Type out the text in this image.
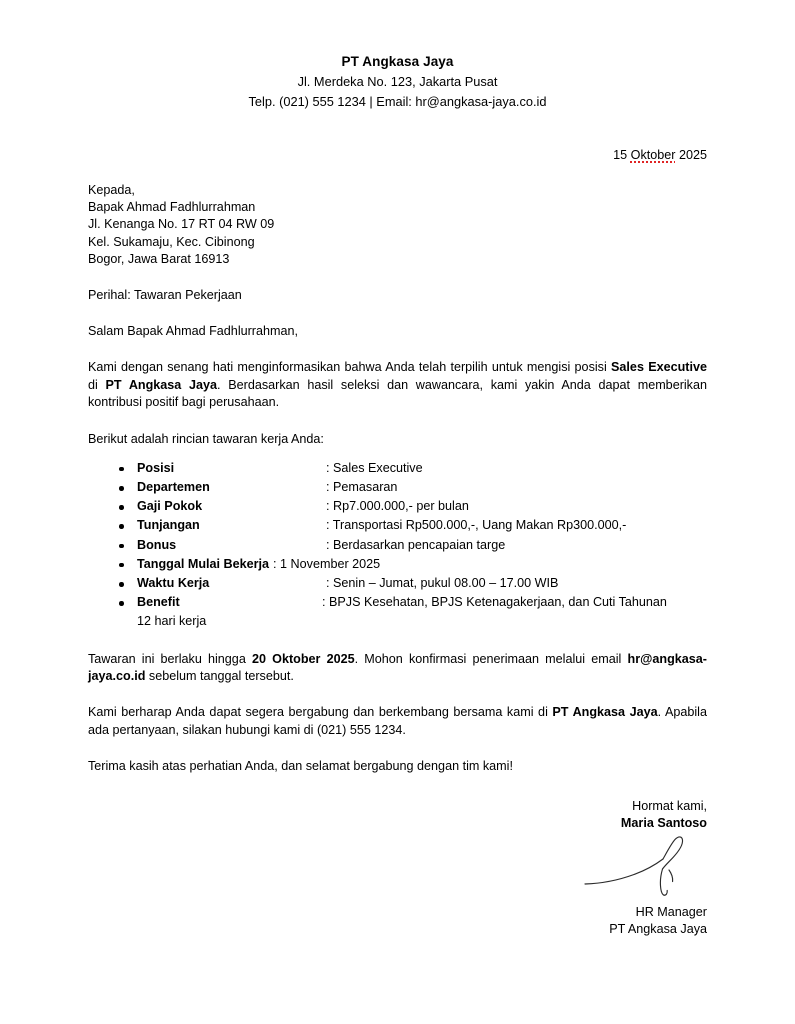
PT Angkasa Jaya
Jl. Merdeka No. 123, Jakarta Pusat
Telp. (021) 555 1234 | Email: hr@angkasa-jaya.co.id
15 Oktober 2025
Kepada,
Bapak Ahmad Fadhlurrahman
Jl. Kenanga No. 17 RT 04 RW 09
Kel. Sukamaju, Kec. Cibinong
Bogor, Jawa Barat 16913
Perihal: Tawaran Pekerjaan
Salam Bapak Ahmad Fadhlurrahman,
Kami dengan senang hati menginformasikan bahwa Anda telah terpilih untuk mengisi posisi Sales Executive di PT Angkasa Jaya. Berdasarkan hasil seleksi dan wawancara, kami yakin Anda dapat memberikan kontribusi positif bagi perusahaan.
Berikut adalah rincian tawaran kerja Anda:
Posisi	: Sales Executive
Departemen	: Pemasaran
Gaji Pokok	: Rp7.000.000,- per bulan
Tunjangan	: Transportasi Rp500.000,-, Uang Makan Rp300.000,-
Bonus	: Berdasarkan pencapaian targe
Tanggal Mulai Bekerja : 1 November 2025
Waktu Kerja	: Senin – Jumat, pukul 08.00 – 17.00 WIB
Benefit	: BPJS Kesehatan, BPJS Ketenagakerjaan, dan Cuti Tahunan
12 hari kerja
Tawaran ini berlaku hingga 20 Oktober 2025. Mohon konfirmasi penerimaan melalui email hr@angkasa-jaya.co.id sebelum tanggal tersebut.
Kami berharap Anda dapat segera bergabung dan berkembang bersama kami di PT Angkasa Jaya. Apabila ada pertanyaan, silakan hubungi kami di (021) 555 1234.
Terima kasih atas perhatian Anda, dan selamat bergabung dengan tim kami!
Hormat kami,
Maria Santoso
HR Manager
PT Angkasa Jaya
